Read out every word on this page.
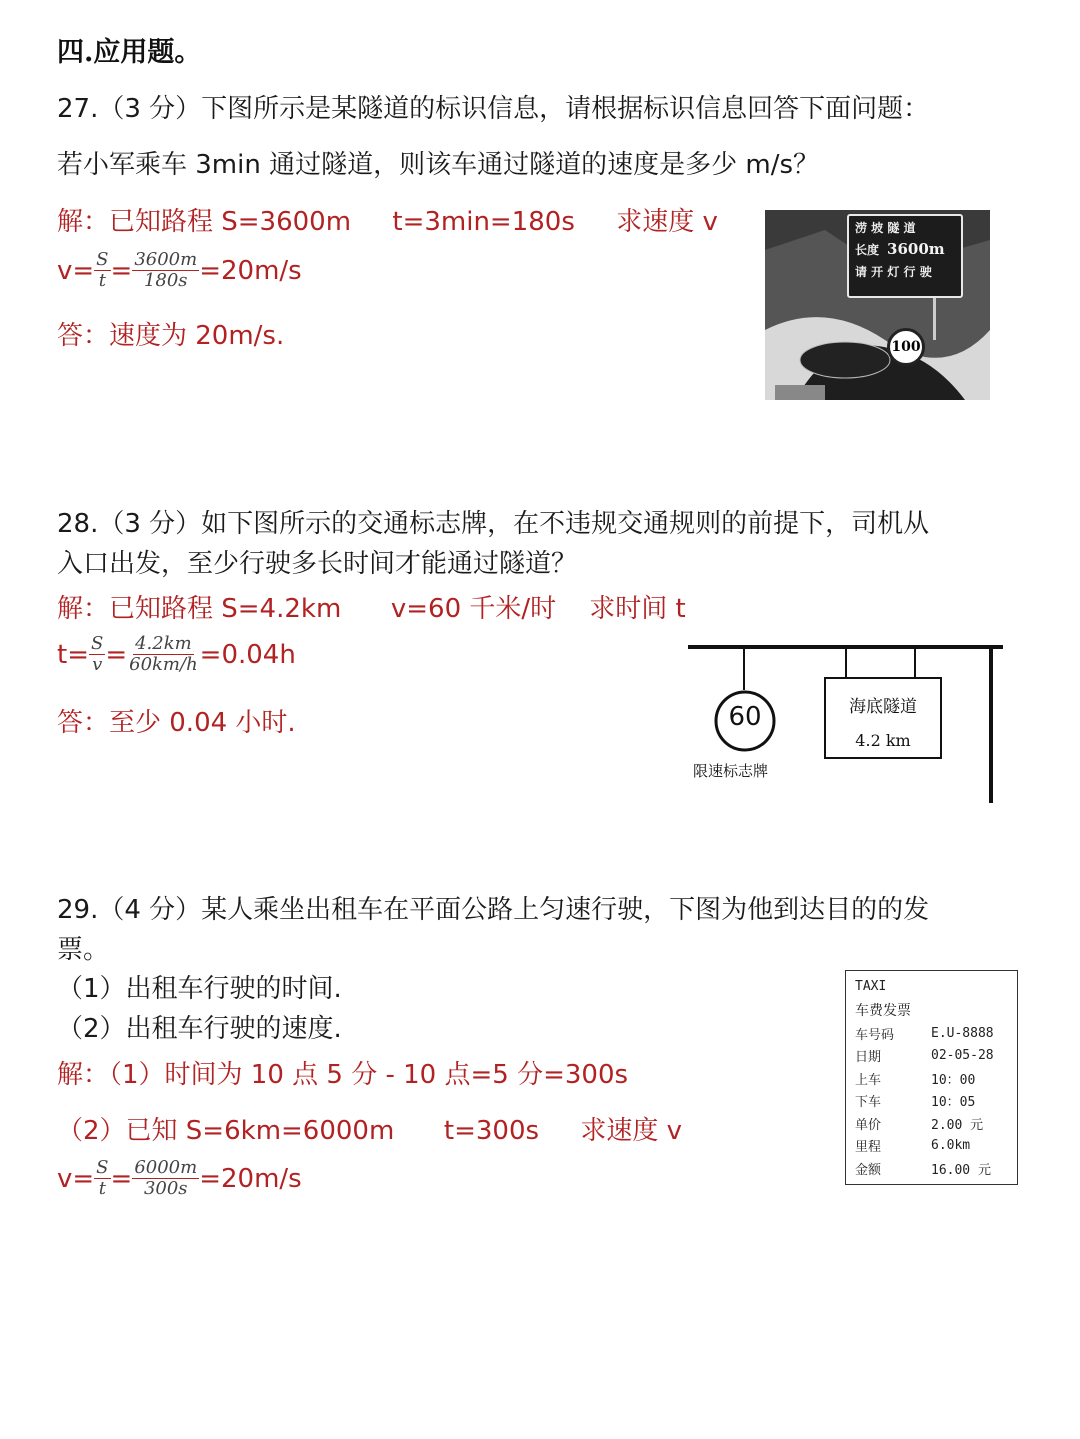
四.应用题。
27.（3 分）下图所示是某隧道的标识信息，请根据标识信息回答下面问题：
若小军乘车 3min 通过隧道，则该车通过隧道的速度是多少 m/s？
解：已知路程 S=3600m     t=3min=180s     求速度 v
$v= \frac{S}{t} = \frac{3600m}{180s} =20m/s$
答：速度为 20m/s.
涝 坡 隧 道
长度 3600m
请 开 灯 行 驶
100
28.（3 分）如下图所示的交通标志牌，在不违规交通规则的前提下，司机从
入口出发，至少行驶多长时间才能通过隧道？
解：已知路程 S=4.2km      v=60 千米/时    求时间 t
$t= \frac{S}{v} = \frac{4.2km}{60km/h} =0.04h$
答：至少 0.04 小时.	60
限速标志牌
海底隧道
4.2 km
29.（4 分）某人乘坐出租车在平面公路上匀速行驶，下图为他到达目的的发
票。
（1）出租车行驶的时间.
（2）出租车行驶的速度.
解：（1）时间为 10 点 5 分 - 10 点=5 分=300s
（2）已知 S=6km=6000m      t=300s     求速度 v
$v= \frac{S}{t} = \frac{6000m}{300s} =20m/s$
TAXI
车费发票
车号码	E.U-8888
日期	02-05-28
上车	10：00
下车	10：05
单价	2.00 元
里程	6.0km
金额	16.00 元
